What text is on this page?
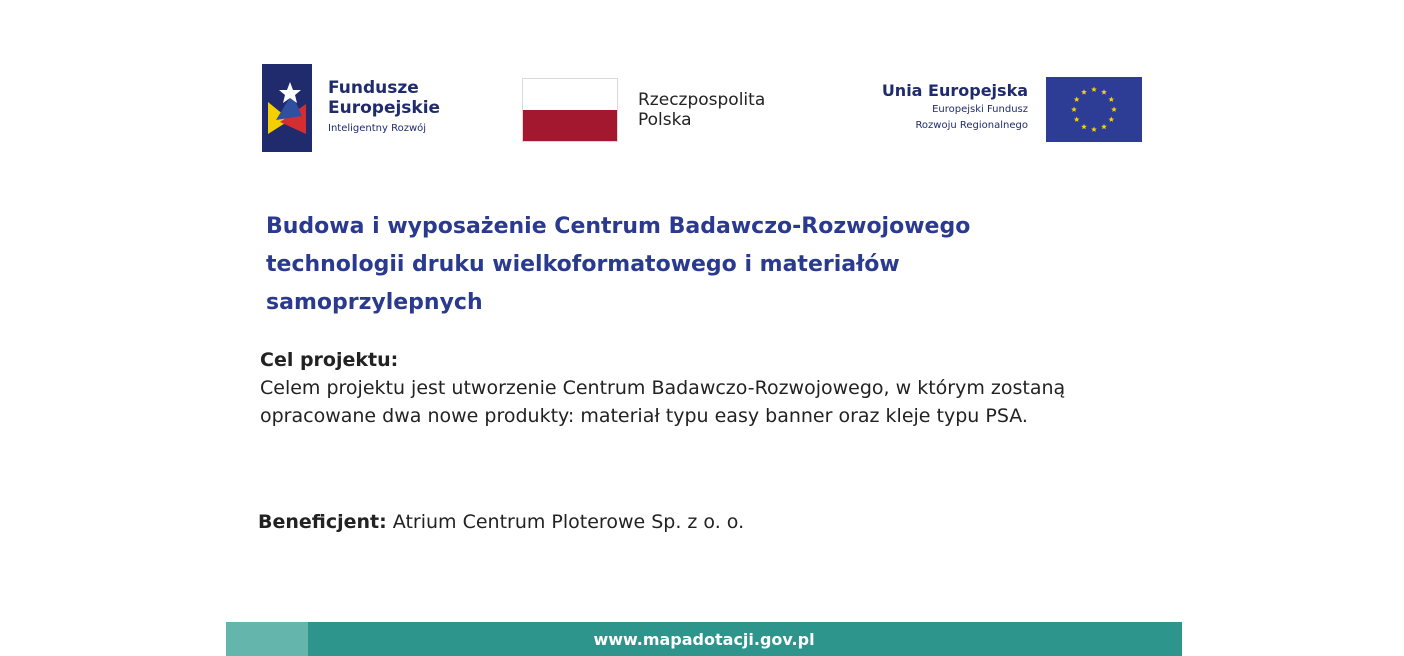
Fundusze
Europejskie
Inteligentny Rozwój
Rzeczpospolita
Polska
Unia Europejska
Europejski Fundusz
Rozwoju Regionalnego
Budowa i wyposażenie Centrum Badawczo-Rozwojowego technologii druku wielkoformatowego i materiałów samoprzylepnych
Cel projektu:

Celem projektu jest utworzenie Centrum Badawczo-Rozwojowego, w którym zostaną opracowane dwa nowe produkty: materiał typu easy banner oraz kleje typu PSA.

Beneficjent: Atrium Centrum Ploterowe Sp. z o. o.
www.mapadotacji.gov.pl
